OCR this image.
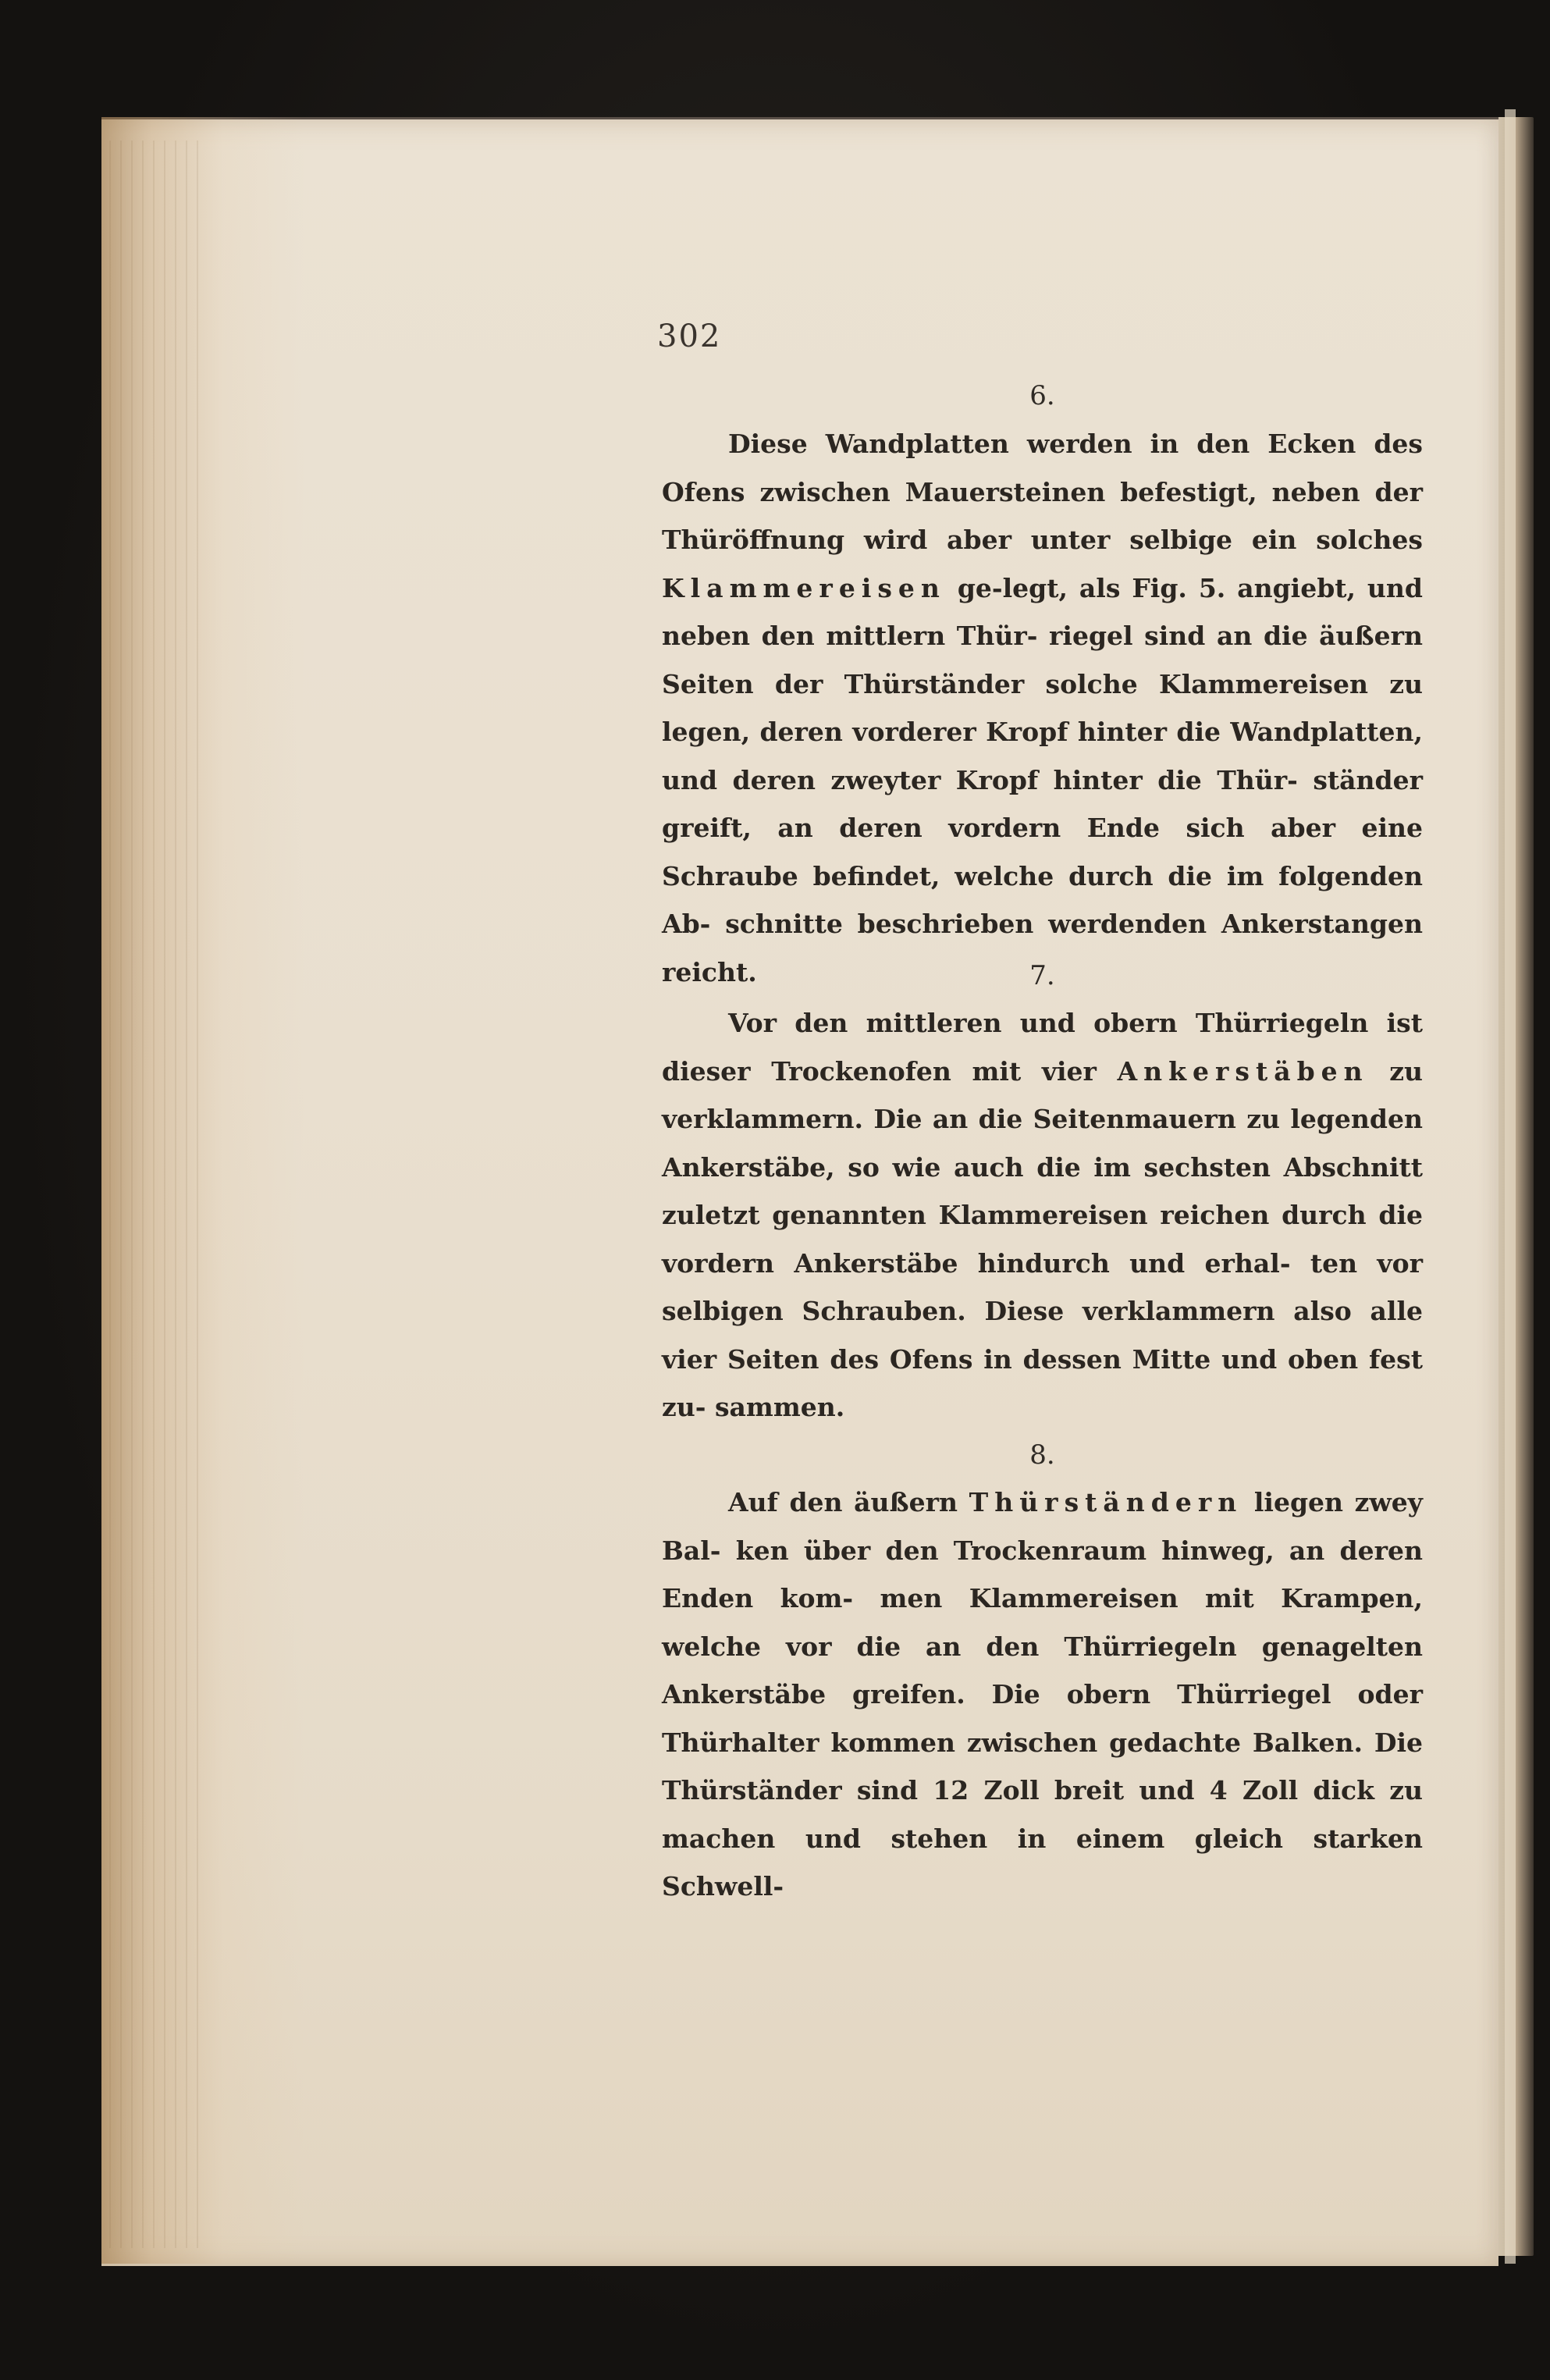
302
6.

Diese Wandplatten werden in den Ecken des Ofens zwischen Mauersteinen befestigt, neben der Thüröffnung wird aber unter selbige ein solches Klammereisen ge-legt, als Fig. 5. angiebt, und neben den mittlern Thür- riegel sind an die äußern Seiten der Thürständer solche Klammereisen zu legen, deren vorderer Kropf hinter die Wandplatten, und deren zweyter Kropf hinter die Thür- ständer greift, an deren vordern Ende sich aber eine Schraube befindet, welche durch die im folgenden Ab- schnitte beschrieben werdenden Ankerstangen reicht.	7.

Vor den mittleren und obern Thürriegeln ist dieser Trockenofen mit vier Ankerstäben zu verklammern. Die an die Seitenmauern zu legenden Ankerstäbe, so wie auch die im sechsten Abschnitt zuletzt genannten Klammereisen reichen durch die vordern Ankerstäbe hindurch und erhal- ten vor selbigen Schrauben. Diese verklammern also alle vier Seiten des Ofens in dessen Mitte und oben fest zu- sammen.

8.

Auf den äußern Thürständern liegen zwey Bal- ken über den Trockenraum hinweg, an deren Enden kom- men Klammereisen mit Krampen, welche vor die an den Thürriegeln genagelten Ankerstäbe greifen. Die obern Thürriegel oder Thürhalter kommen zwischen gedachte Balken. Die Thürständer sind 12 Zoll breit und 4 Zoll dick zu machen und stehen in einem gleich starken Schwell-
